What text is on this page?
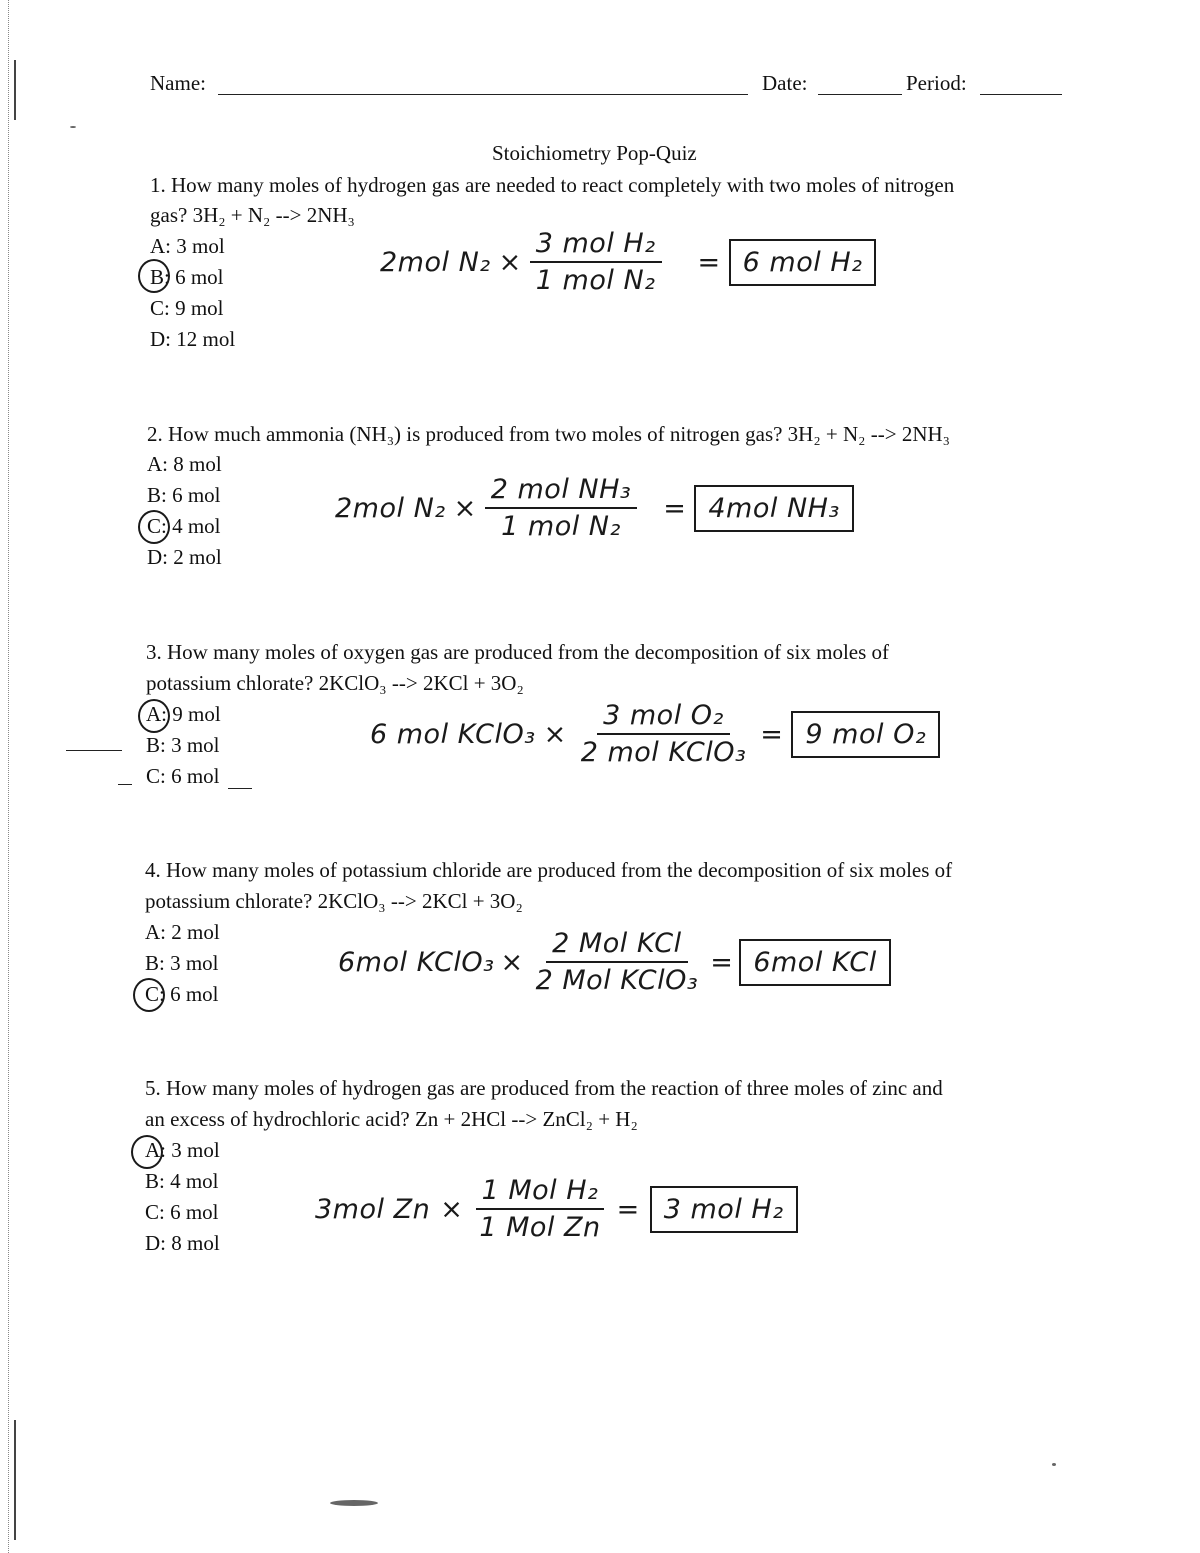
Name:	Date:	Period:
Stoichiometry Pop-Quiz
1. How many moles of hydrogen gas are needed to react completely with two moles of nitrogen
gas? 3H₂ + N₂ --> 2NH₃
A: 3 mol
B: 6 mol
C: 9 mol
D: 12 mol
2mol $N_2 \times \frac{\text{3 mol H₂}}{\text{1 mol N₂}} = 6$ mol H₂
2. How much ammonia (NH₃) is produced from two moles of nitrogen gas? 3H₂ + N₂ --> 2NH₃
A: 8 mol
B: 6 mol
C: 4 mol
D: 2 mol
2mol $N_2 \times \frac{\text{2 mol NH₃}}{\text{1 mol N₂}} = 4mol$ NH₃
3. How many moles of oxygen gas are produced from the decomposition of six moles of
potassium chlorate? 2KClO₃ --> 2KCl + 3O₂
A: 9 mol
B: 3 mol
C: 6 mol
6 mol KClO₃ × $\frac{\text{3 mol O₂}}{\text{2 mol KClO₃}} = 9$ mol O₂
4. How many moles of potassium chloride are produced from the decomposition of six moles of
potassium chlorate? 2KClO₃ --> 2KCl + 3O₂
A: 2 mol
B: 3 mol
C: 6 mol
6mol KClO₃ × $\frac{\text{2 Mol KCl}}{\text{2 Mol KClO₃}} = 6mol$ KCl
5. How many moles of hydrogen gas are produced from the reaction of three moles of zinc and
an excess of hydrochloric acid? Zn + 2HCl --> ZnCl₂ + H₂
A: 3 mol
B: 4 mol
C: 6 mol
D: 8 mol
3mol $Zn \times \frac{\text{1 Mol H₂}}{\text{1 Mol Zn}} = 3$ mol H₂
